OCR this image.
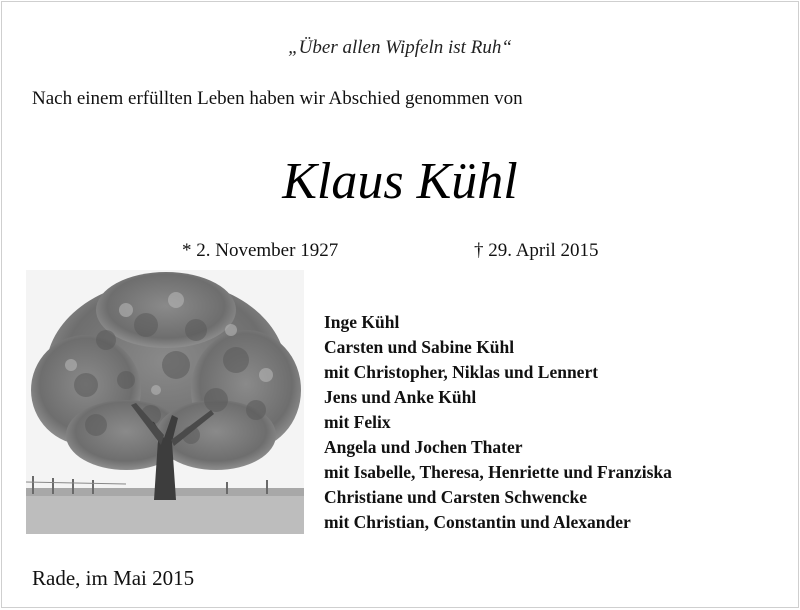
„Über allen Wipfeln ist Ruh“
Nach einem erfüllten Leben haben wir Abschied genommen von
Klaus Kühl
* 2. November 1927	† 29. April 2015
Inge Kühl
Carsten und Sabine Kühl
mit Christopher, Niklas und Lennert
Jens und Anke Kühl
mit Felix
Angela und Jochen Thater
mit Isabelle, Theresa, Henriette und Franziska
Christiane und Carsten Schwencke
mit Christian, Constantin und Alexander
Rade, im Mai 2015
